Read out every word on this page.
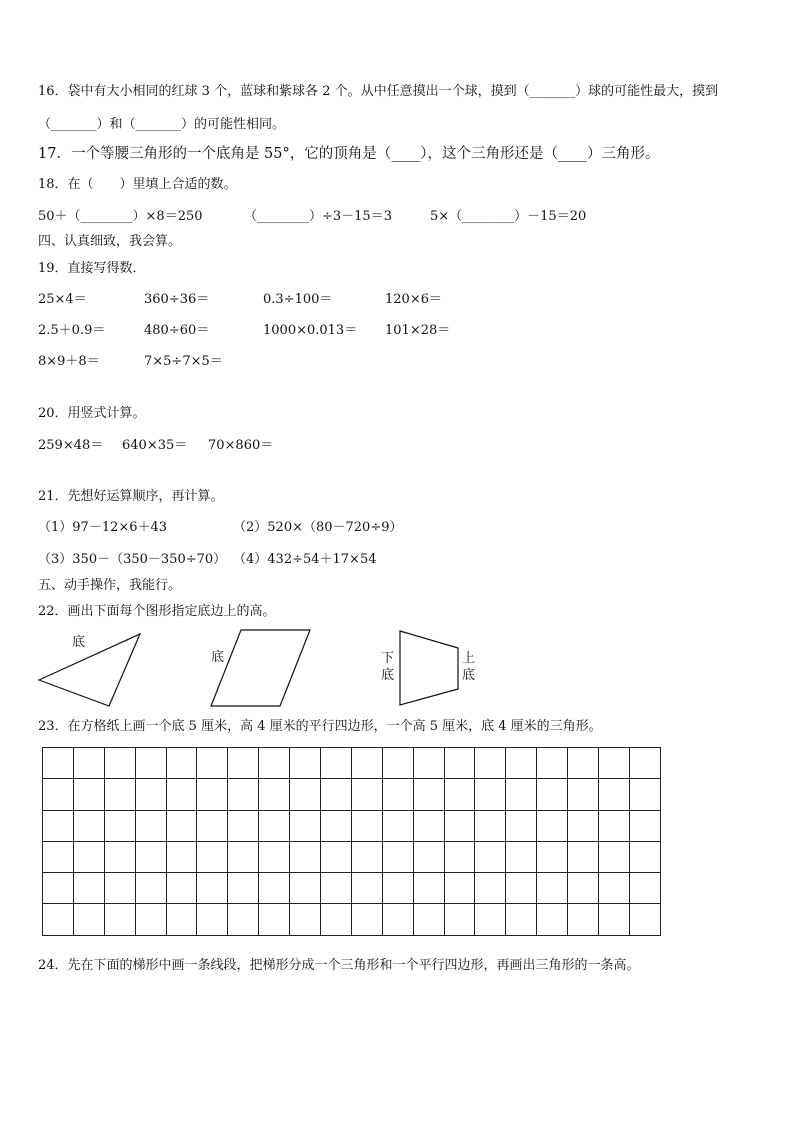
16．袋中有大小相同的红球 3 个，蓝球和紫球各 2 个。从中任意摸出一个球，摸到（_______）球的可能性最大，摸到
（_______）和（_______）的可能性相同。
17．一个等腰三角形的一个底角是 55°，它的顶角是（____），这个三角形还是（____）三角形。
18．在（　　）里填上合适的数。
50＋（________）×8＝250	（________）÷3－15＝3	5×（________）－15＝20
四、认真细致，我会算。
19．直接写得数．
25×4＝	360÷36＝	0.3÷100＝	120×6＝
2.5＋0.9＝	480÷60＝	1000×0.013＝ 101×28＝
8×9＋8＝	7×5÷7×5＝
20．用竖式计算。
259×48＝ 640×35＝ 70×860＝
21．先想好运算顺序，再计算。
（1）97－12×6＋43	（2）520×（80－720÷9）
（3）350－（350－350÷70） （4）432÷54＋17×54
五、动手操作，我能行。
22．画出下面每个图形指定底边上的高。
底
底	下
底
上
底
23．在方格纸上画一个底 5 厘米，高 4 厘米的平行四边形，一个高 5 厘米，底 4 厘米的三角形。

24．先在下面的梯形中画一条线段，把梯形分成一个三角形和一个平行四边形，再画出三角形的一条高。
